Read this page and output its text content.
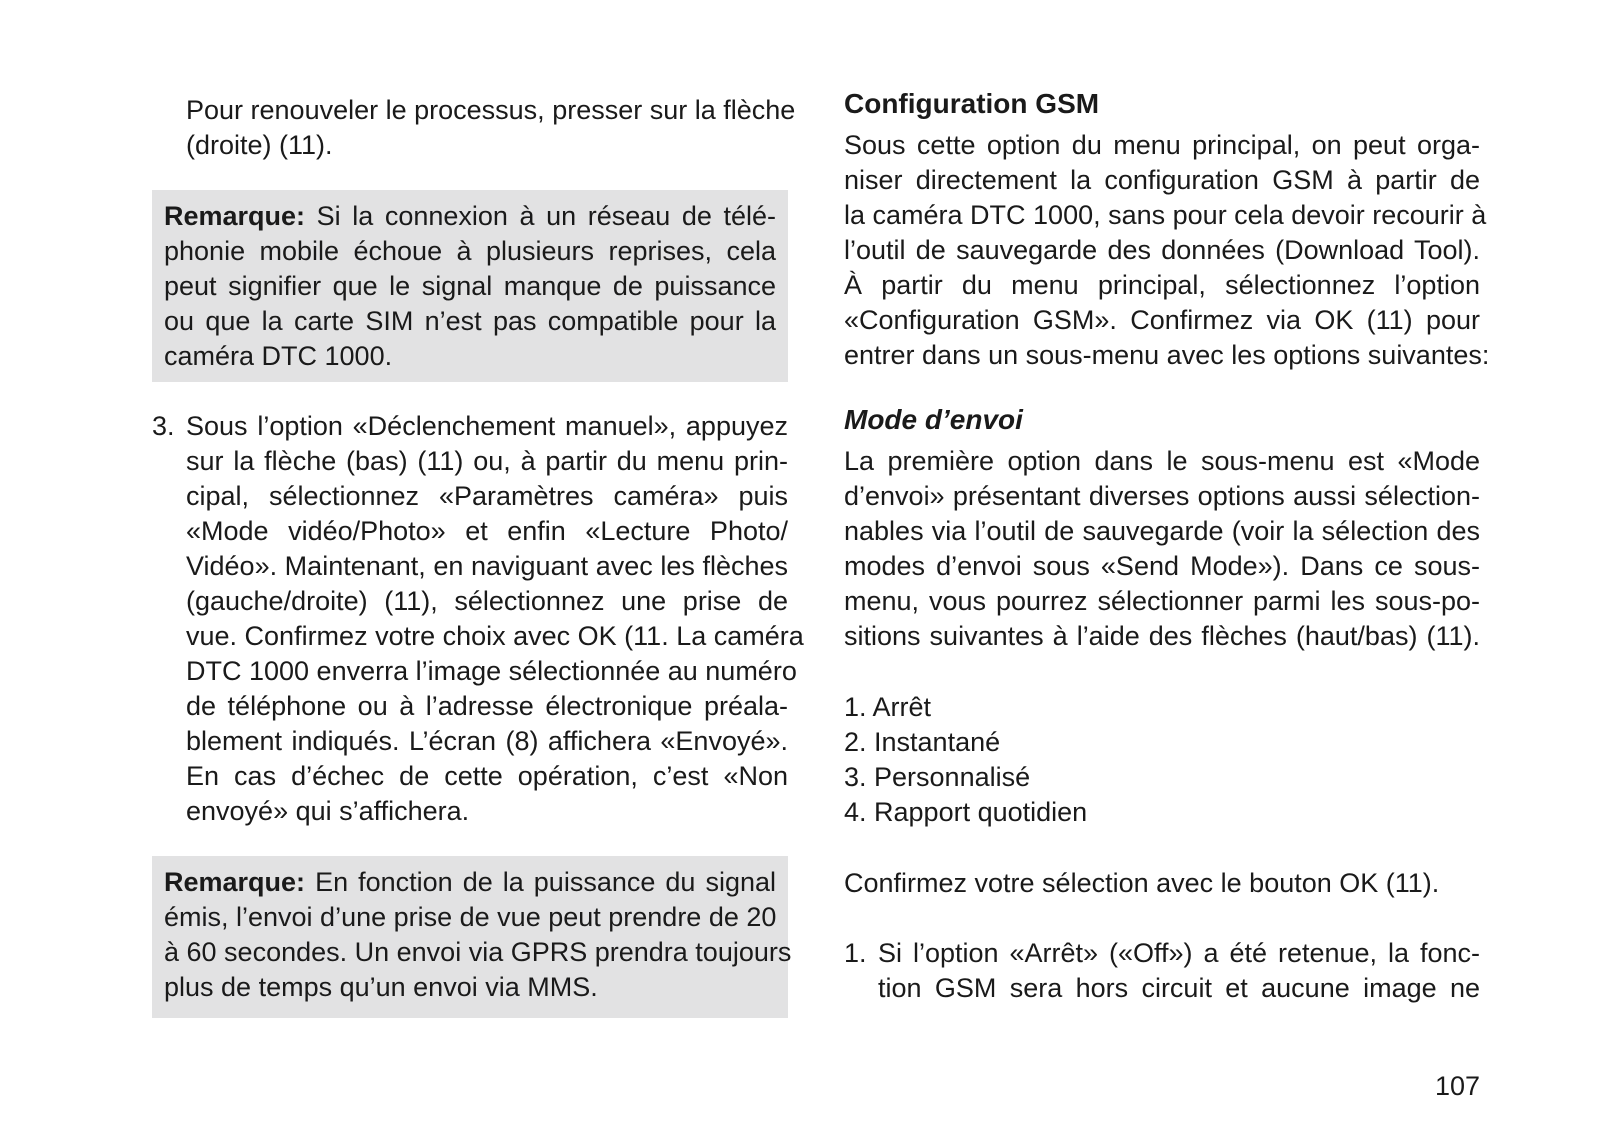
Pour renouveler le processus, presser sur la flèche
(droite) (11).
Remarque: Si la connexion à un réseau de télé-
phonie mobile échoue à plusieurs reprises, cela
peut signifier que le signal manque de puissance
ou que la carte SIM n’est pas compatible pour la
caméra DTC 1000.
3. Sous l’option «Déclenchement manuel», appuyez
sur la flèche (bas) (11) ou, à partir du menu prin-
cipal, sélectionnez «Paramètres caméra» puis
«Mode vidéo/Photo» et enfin «Lecture Photo/
Vidéo». Maintenant, en naviguant avec les flèches
(gauche/droite) (11), sélectionnez une prise de
vue. Confirmez votre choix avec OK (11. La caméra
DTC 1000 enverra l’image sélectionnée au numéro
de téléphone ou à l’adresse électronique préala-
blement indiqués. L’écran (8) affichera «Envoyé».
En cas d’échec de cette opération, c’est «Non
envoyé» qui s’affichera.
Remarque: En fonction de la puissance du signal
émis, l’envoi d’une prise de vue peut prendre de 20
à 60 secondes. Un envoi via GPRS prendra toujours
plus de temps qu’un envoi via MMS.
Configuration GSM
Sous cette option du menu principal, on peut orga-
niser directement la configuration GSM à partir de
la caméra DTC 1000, sans pour cela devoir recourir à
l’outil de sauvegarde des données (Download Tool).
À partir du menu principal, sélectionnez l’option
«Configuration GSM». Confirmez via OK (11) pour
entrer dans un sous-menu avec les options suivantes:
Mode d’envoi
La première option dans le sous-menu est «Mode
d’envoi» présentant diverses options aussi sélection-
nables via l’outil de sauvegarde (voir la sélection des
modes d’envoi sous «Send Mode»). Dans ce sous-
menu, vous pourrez sélectionner parmi les sous-po-
sitions suivantes à l’aide des flèches (haut/bas) (11).
1. Arrêt
2. Instantané
3. Personnalisé
4. Rapport quotidien
Confirmez votre sélection avec le bouton OK (11).
1. Si l’option «Arrêt» («Off») a été retenue, la fonc-
tion GSM sera hors circuit et aucune image ne
107
